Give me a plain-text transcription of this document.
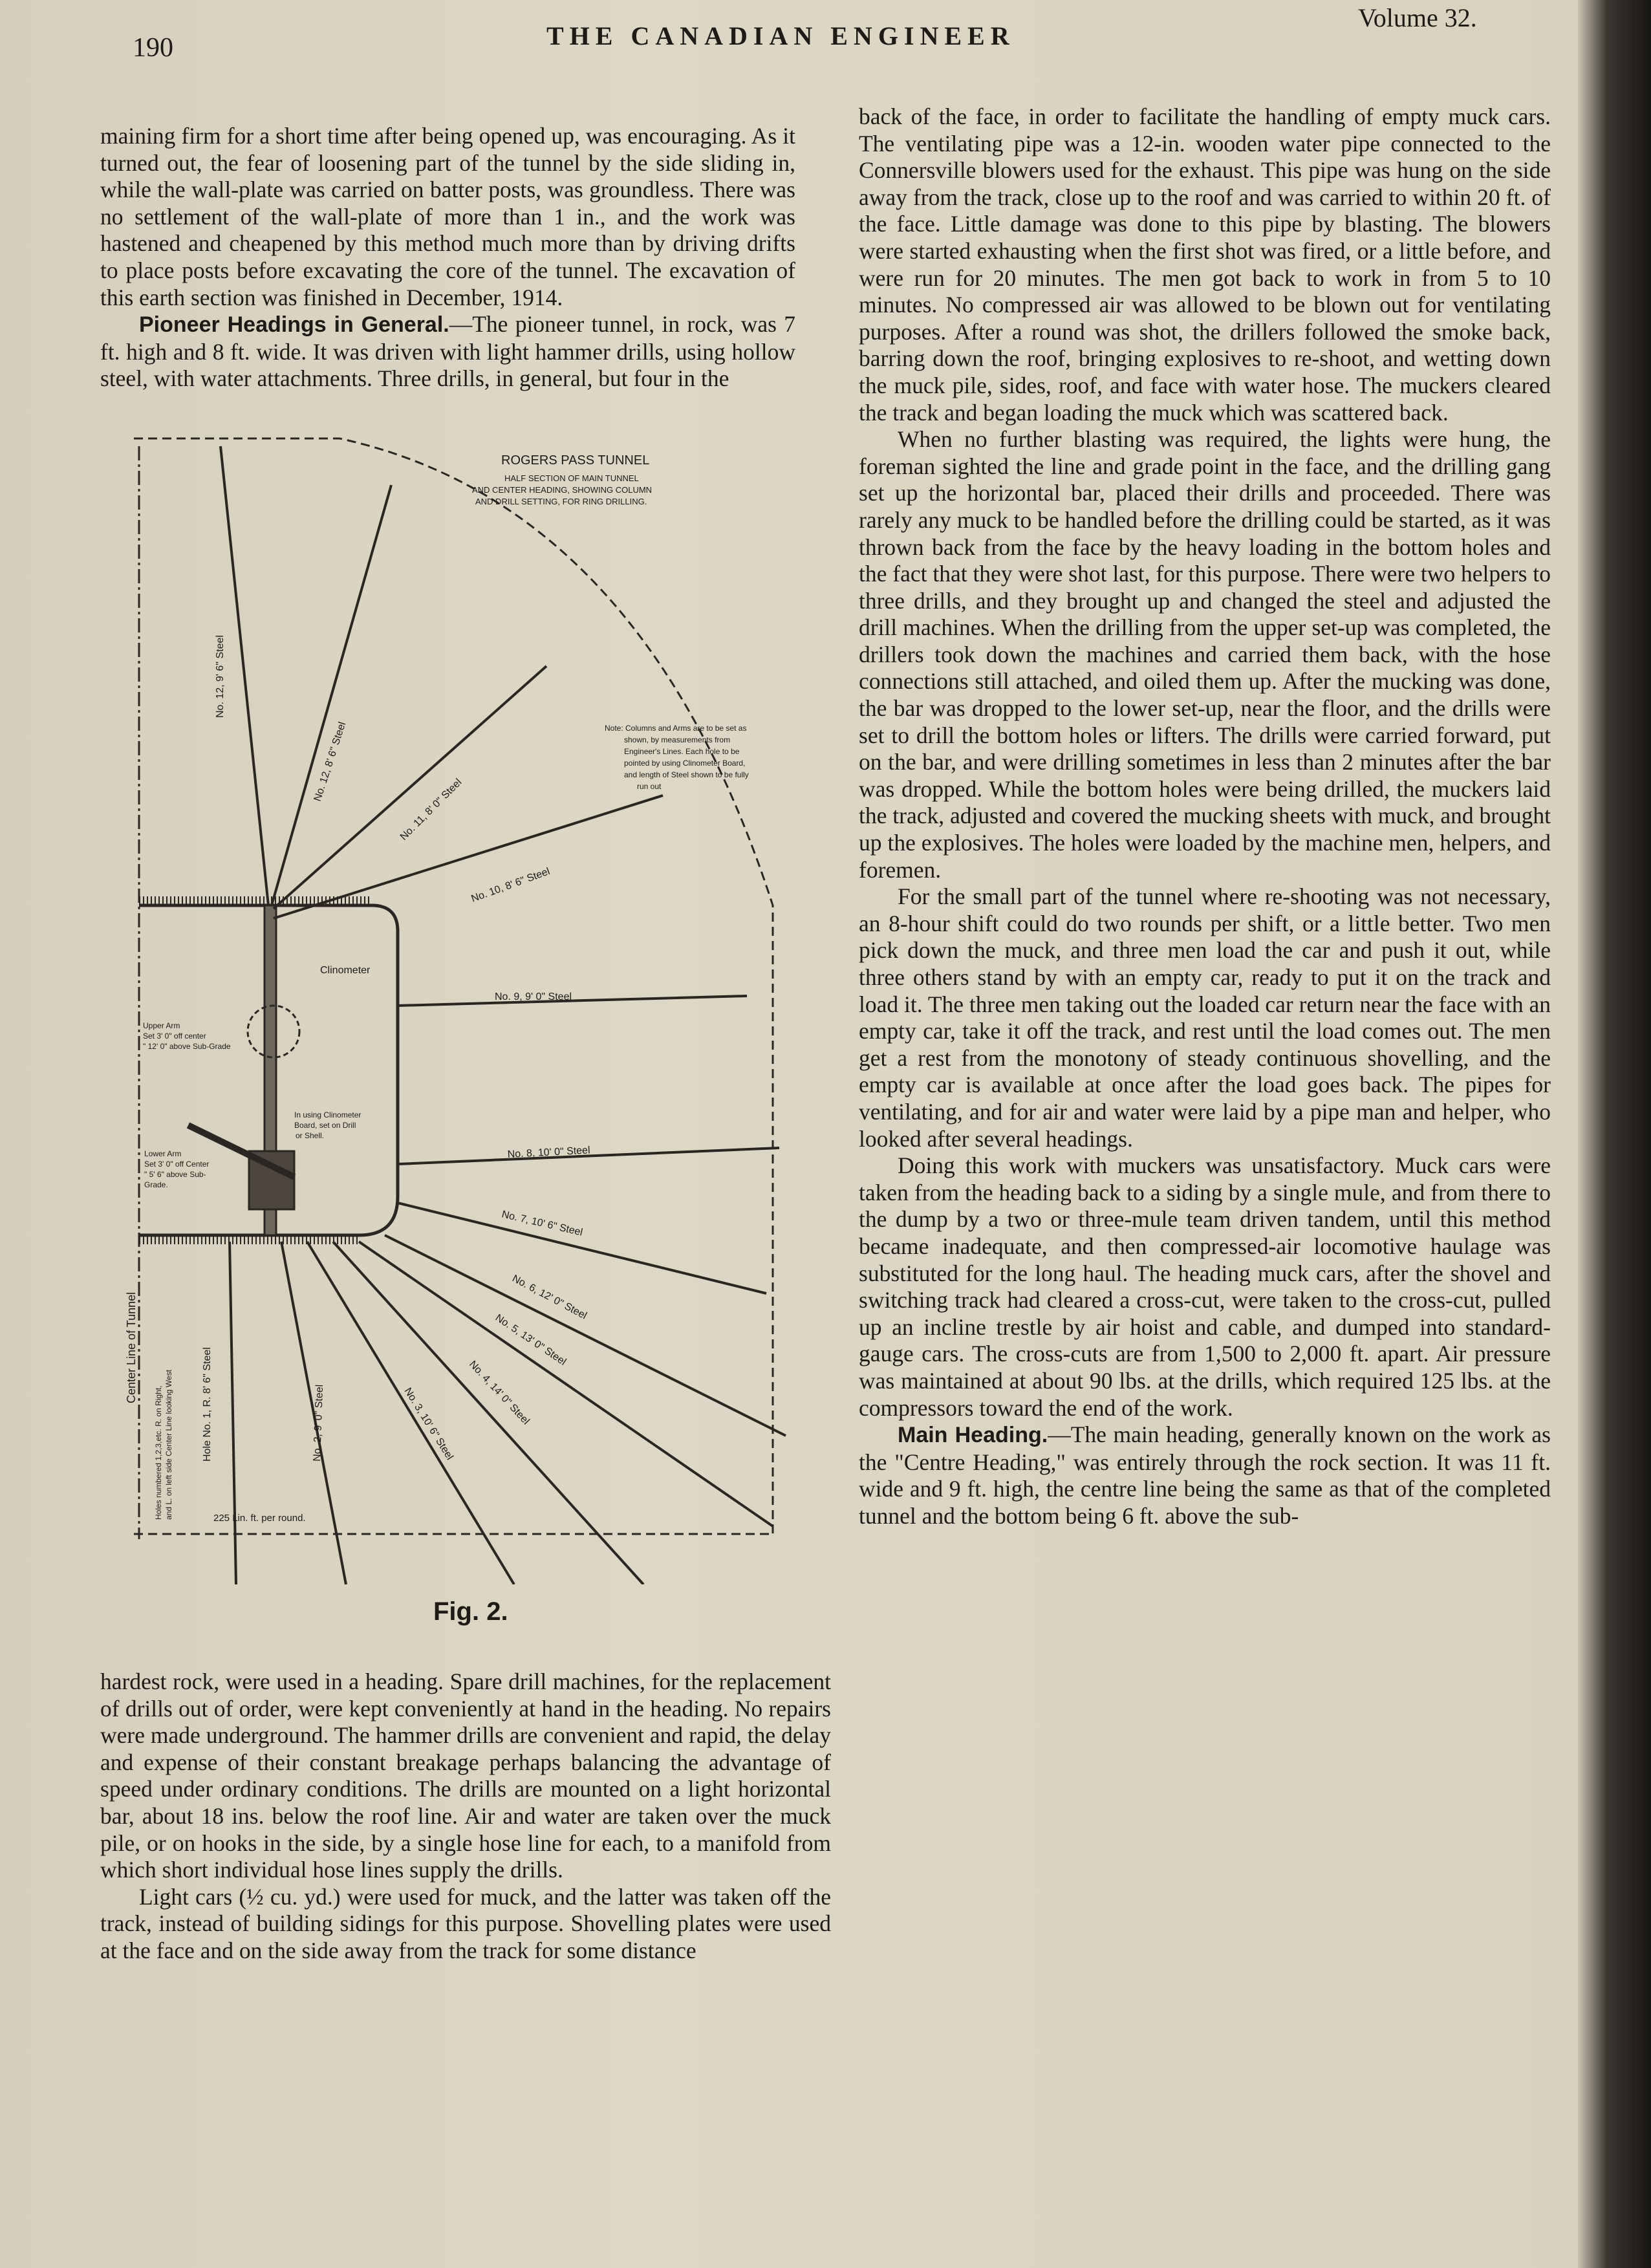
190	THE CANADIAN ENGINEER
Volume 32.

maining firm for a short time after being opened up, was encouraging. As it turned out, the fear of loosening part of the tunnel by the side sliding in, while the wall-plate was carried on batter posts, was groundless. There was no settlement of the wall-plate of more than 1 in., and the work was hastened and cheapened by this method much more than by driving drifts to place posts before excavating the core of the tunnel. The excavation of this earth section was finished in December, 1914.

Pioneer Headings in General.—The pioneer tunnel, in rock, was 7 ft. high and 8 ft. wide. It was driven with light hammer drills, using hollow steel, with water attachments. Three drills, in general, but four in the

ROGERS PASS TUNNEL
HALF SECTION OF MAIN TUNNEL
AND CENTER HEADING, SHOWING COLUMN
AND DRILL SETTING, FOR RING DRILLING.
Note: Columns and Arms are to be set as
shown, by measurements from
Engineer's Lines. Each hole to be
pointed by using Clinometer Board,
and length of Steel shown to be fully
run out
Clinometer
Upper Arm
Set 3' 0" off center
" 12' 0" above Sub-Grade
In using Clinometer
Board, set on Drill
or Shell.
Lower Arm
Set 3' 0" off Center
" 5' 6" above Sub-
Grade.
Center Line of Tunnel
Holes numbered 1,2,3,etc. R. on Right, and L. on left side Center Line looking West	225 Lin. ft. per round.
No. 12, 9' 6" Steel
No. 12, 8' 6" Steel
No. 11, 8' 0" Steel
No. 10, 8' 6" Steel
No. 9, 9' 0" Steel
No. 8, 10' 0" Steel
No. 7, 10' 6" Steel
No. 6, 12' 0" Steel
No. 5, 13' 0" Steel
No. 4, 14' 0" Steel
No. 3, 10' 6" Steel
No. 2, 9' 0" Steel
Hole No. 1, R. 8' 6" Steel
Fig. 2.

hardest rock, were used in a heading. Spare drill machines, for the replacement of drills out of order, were kept conveniently at hand in the heading. No repairs were made underground. The hammer drills are convenient and rapid, the delay and expense of their constant breakage perhaps balancing the advantage of speed under ordinary conditions. The drills are mounted on a light horizontal bar, about 18 ins. below the roof line. Air and water are taken over the muck pile, or on hooks in the side, by a single hose line for each, to a manifold from which short individual hose lines supply the drills.

Light cars (½ cu. yd.) were used for muck, and the latter was taken off the track, instead of building sidings for this purpose. Shovelling plates were used at the face and on the side away from the track for some distance

back of the face, in order to facilitate the handling of empty muck cars. The ventilating pipe was a 12-in. wooden water pipe connected to the Connersville blowers used for the exhaust. This pipe was hung on the side away from the track, close up to the roof and was carried to within 20 ft. of the face. Little damage was done to this pipe by blasting. The blowers were started exhausting when the first shot was fired, or a little before, and were run for 20 minutes. The men got back to work in from 5 to 10 minutes. No compressed air was allowed to be blown out for ventilating purposes. After a round was shot, the drillers followed the smoke back, barring down the roof, bringing explosives to re-shoot, and wetting down the muck pile, sides, roof, and face with water hose. The muckers cleared the track and began loading the muck which was scattered back.

When no further blasting was required, the lights were hung, the foreman sighted the line and grade point in the face, and the drilling gang set up the horizontal bar, placed their drills and proceeded. There was rarely any muck to be handled before the drilling could be started, as it was thrown back from the face by the heavy loading in the bottom holes and the fact that they were shot last, for this purpose. There were two helpers to three drills, and they brought up and changed the steel and adjusted the drill machines. When the drilling from the upper set-up was completed, the drillers took down the machines and carried them back, with the hose connections still attached, and oiled them up. After the mucking was done, the bar was dropped to the lower set-up, near the floor, and the drills were set to drill the bottom holes or lifters. The drills were carried forward, put on the bar, and were drilling sometimes in less than 2 minutes after the bar was dropped. While the bottom holes were being drilled, the muckers laid the track, adjusted and covered the mucking sheets with muck, and brought up the explosives. The holes were loaded by the machine men, helpers, and foremen.

For the small part of the tunnel where re-shooting was not necessary, an 8-hour shift could do two rounds per shift, or a little better. Two men pick down the muck, and three men load the car and push it out, while three others stand by with an empty car, ready to put it on the track and load it. The three men taking out the loaded car return near the face with an empty car, take it off the track, and rest until the load comes out. The men get a rest from the monotony of steady continuous shovelling, and the empty car is available at once after the load goes back. The pipes for ventilating, and for air and water were laid by a pipe man and helper, who looked after several headings.

Doing this work with muckers was unsatisfactory. Muck cars were taken from the heading back to a siding by a single mule, and from there to the dump by a two or three-mule team driven tandem, until this method became inadequate, and then compressed-air locomotive haulage was substituted for the long haul. The heading muck cars, after the shovel and switching track had cleared a cross-cut, were taken to the cross-cut, pulled up an incline trestle by air hoist and cable, and dumped into standard-gauge cars. The cross-cuts are from 1,500 to 2,000 ft. apart. Air pressure was maintained at about 90 lbs. at the drills, which required 125 lbs. at the compressors toward the end of the work.

Main Heading.—The main heading, generally known on the work as the "Centre Heading," was entirely through the rock section. It was 11 ft. wide and 9 ft. high, the centre line being the same as that of the completed tunnel and the bottom being 6 ft. above the sub-
